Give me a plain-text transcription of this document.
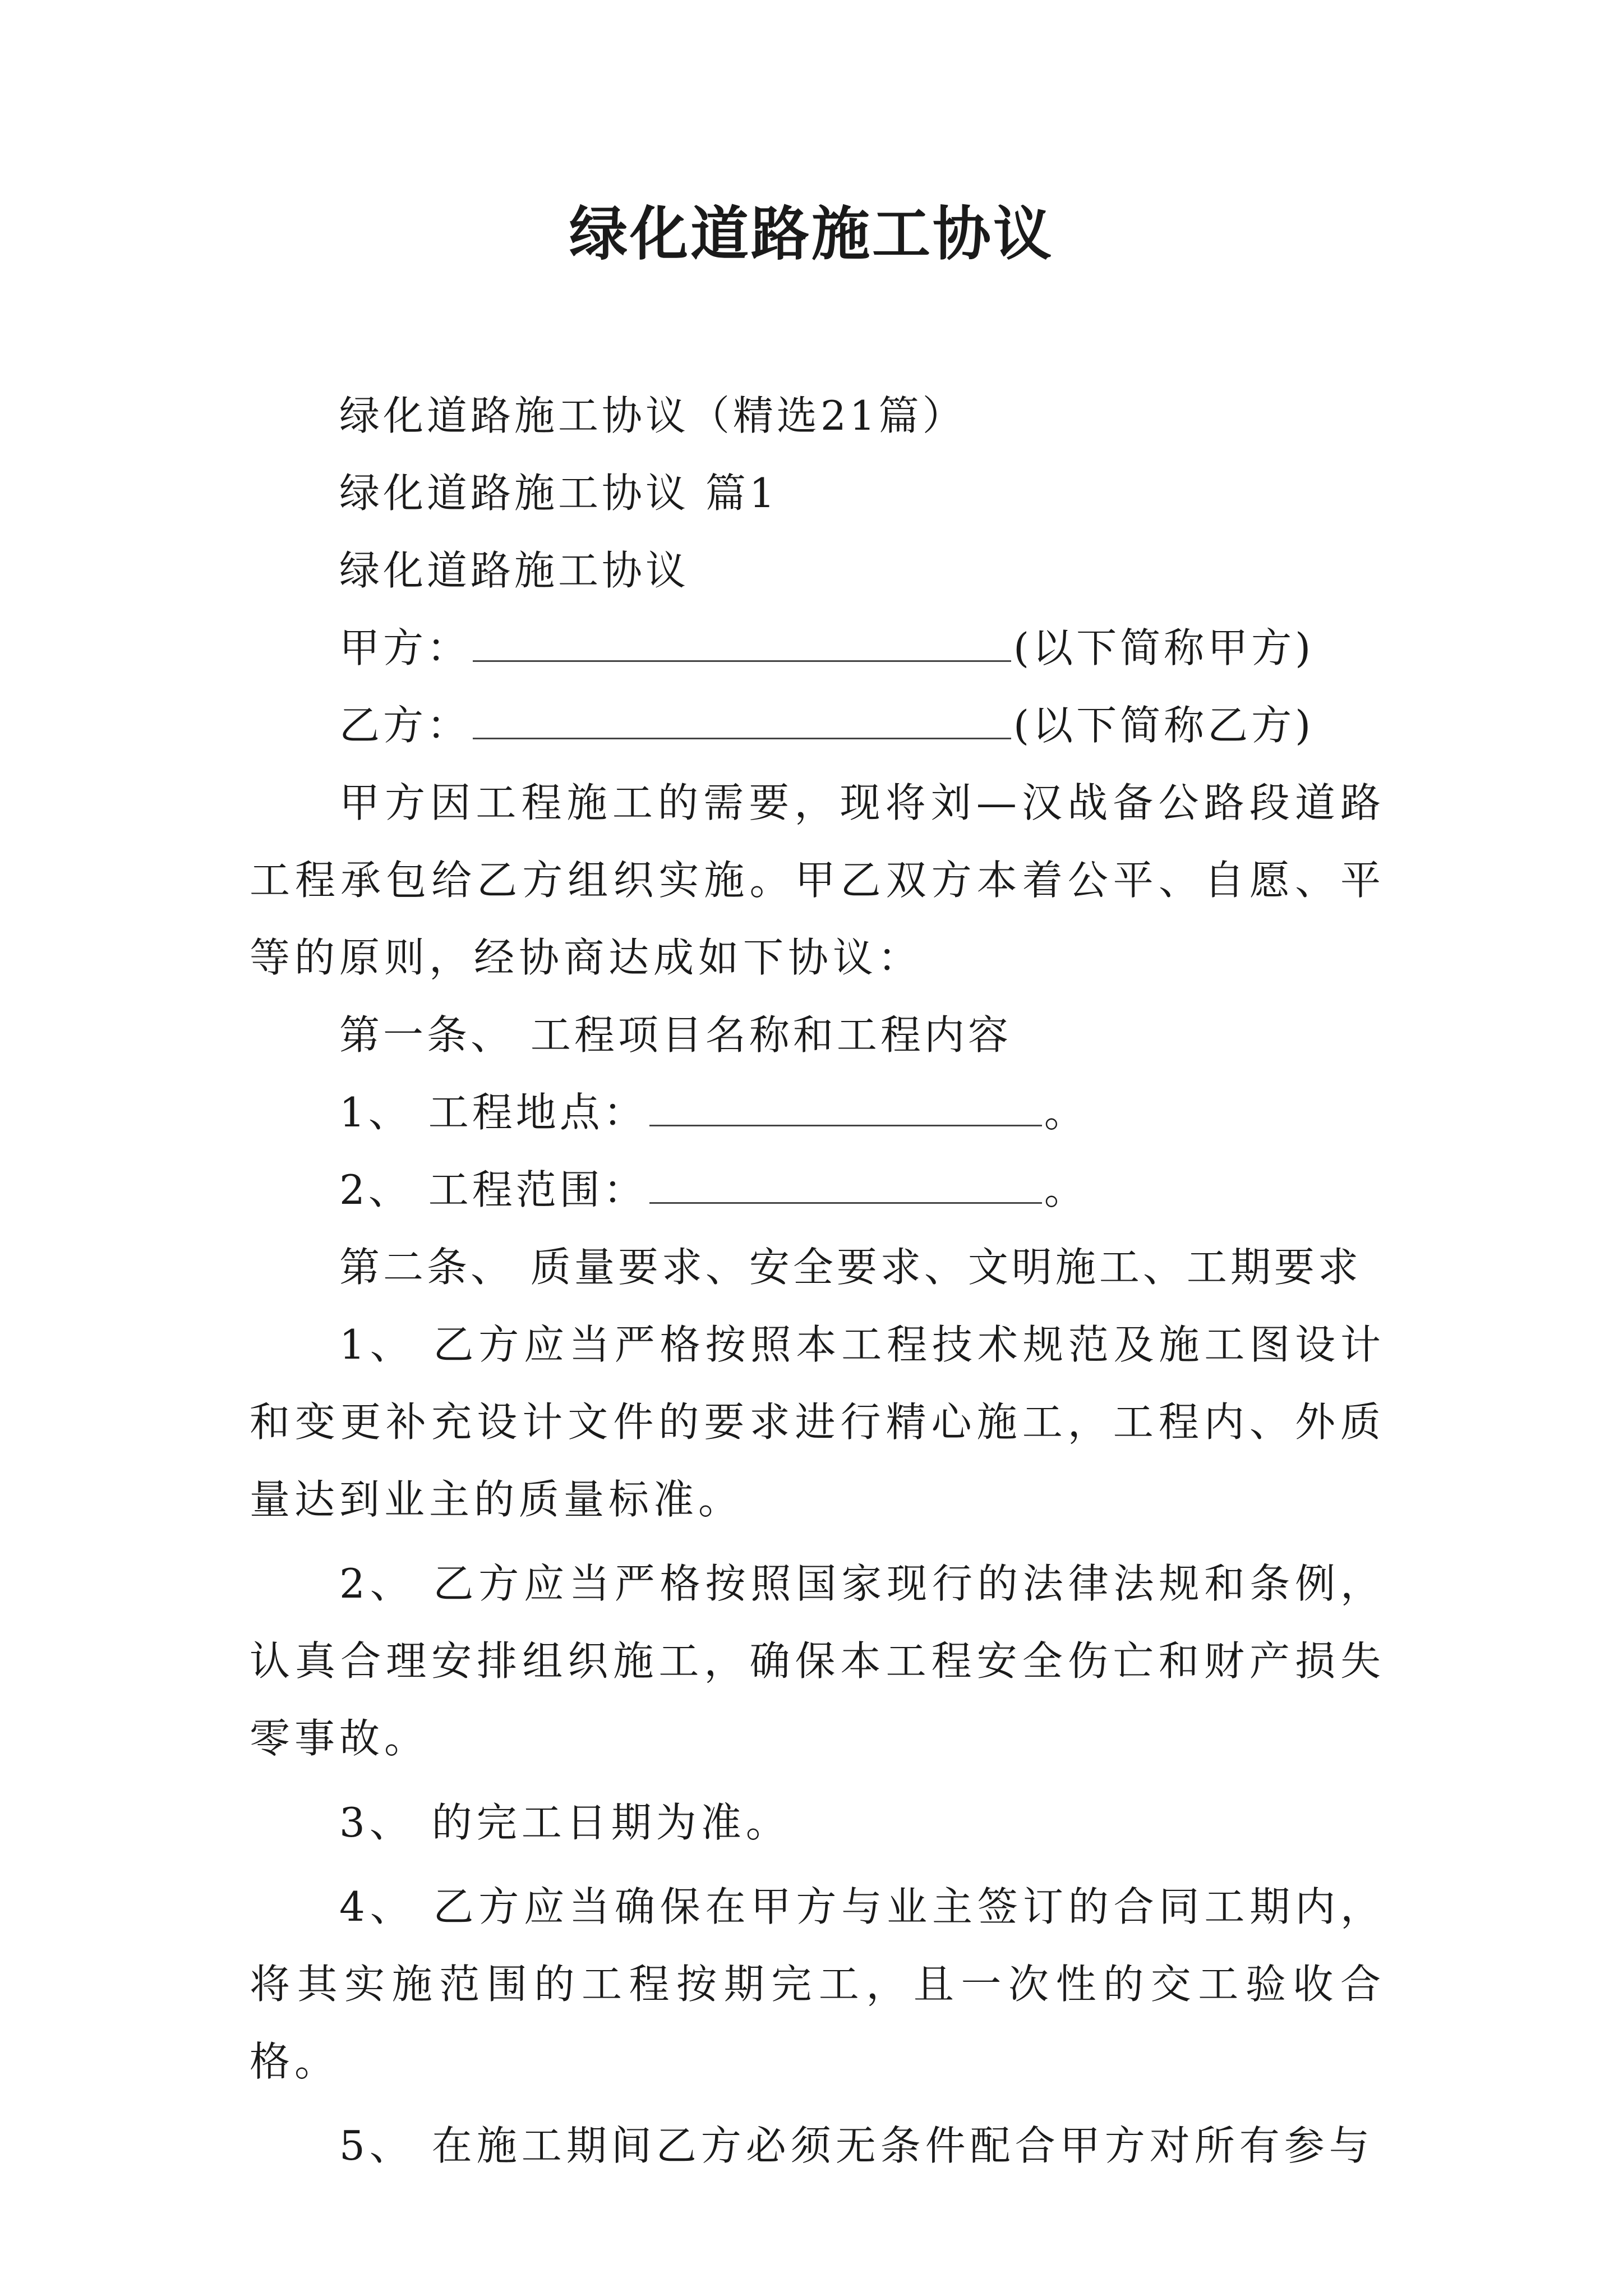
绿化道路施工协议
绿化道路施工协议（精选21篇）
绿化道路施工协议 篇1
绿化道路施工协议
甲方：	(以下简称甲方)
乙方：	(以下简称乙方)
甲方因工程施工的需要，现将刘—汉战备公路段道路工程承包给乙方组织实施。甲乙双方本着公平、自愿、平等的原则，经协商达成如下协议：
第一条、 工程项目名称和工程内容
1、 工程地点：	。
2、 工程范围：	。
第二条、 质量要求、安全要求、文明施工、工期要求
1、 乙方应当严格按照本工程技术规范及施工图设计和变更补充设计文件的要求进行精心施工，工程内、外质量达到业主的质量标准。
2、 乙方应当严格按照国家现行的法律法规和条例，认真合理安排组织施工，确保本工程安全伤亡和财产损失零事故。
3、 的完工日期为准。
4、 乙方应当确保在甲方与业主签订的合同工期内，将其实施范围的工程按期完工，且一次性的交工验收合格。
5、 在施工期间乙方必须无条件配合甲方对所有参与
